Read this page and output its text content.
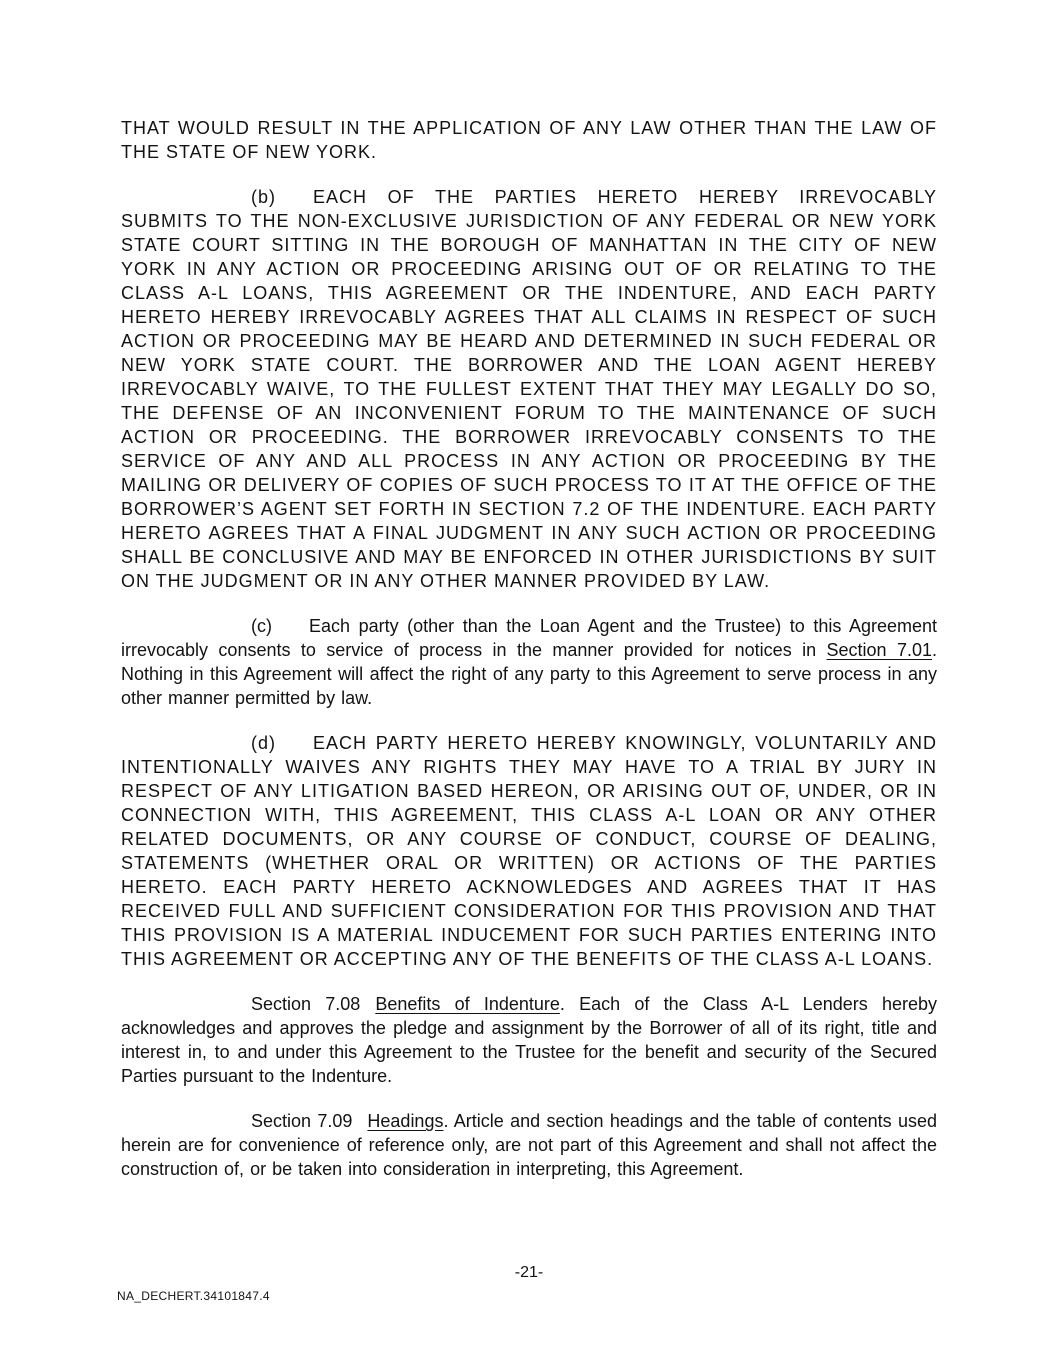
THAT WOULD RESULT IN THE APPLICATION OF ANY LAW OTHER THAN THE LAW OF THE STATE OF NEW YORK.

(b) EACH OF THE PARTIES HERETO HEREBY IRREVOCABLY SUBMITS TO THE NON-EXCLUSIVE JURISDICTION OF ANY FEDERAL OR NEW YORK STATE COURT SITTING IN THE BOROUGH OF MANHATTAN IN THE CITY OF NEW YORK IN ANY ACTION OR PROCEEDING ARISING OUT OF OR RELATING TO THE CLASS A-L LOANS, THIS AGREEMENT OR THE INDENTURE, AND EACH PARTY HERETO HEREBY IRREVOCABLY AGREES THAT ALL CLAIMS IN RESPECT OF SUCH ACTION OR PROCEEDING MAY BE HEARD AND DETERMINED IN SUCH FEDERAL OR NEW YORK STATE COURT. THE BORROWER AND THE LOAN AGENT HEREBY IRREVOCABLY WAIVE, TO THE FULLEST EXTENT THAT THEY MAY LEGALLY DO SO, THE DEFENSE OF AN INCONVENIENT FORUM TO THE MAINTENANCE OF SUCH ACTION OR PROCEEDING. THE BORROWER IRREVOCABLY CONSENTS TO THE SERVICE OF ANY AND ALL PROCESS IN ANY ACTION OR PROCEEDING BY THE MAILING OR DELIVERY OF COPIES OF SUCH PROCESS TO IT AT THE OFFICE OF THE BORROWER’S AGENT SET FORTH IN SECTION 7.2 OF THE INDENTURE. EACH PARTY HERETO AGREES THAT A FINAL JUDGMENT IN ANY SUCH ACTION OR PROCEEDING SHALL BE CONCLUSIVE AND MAY BE ENFORCED IN OTHER JURISDICTIONS BY SUIT ON THE JUDGMENT OR IN ANY OTHER MANNER PROVIDED BY LAW.

(c) Each party (other than the Loan Agent and the Trustee) to this Agreement irrevocably consents to service of process in the manner provided for notices in Section 7.01. Nothing in this Agreement will affect the right of any party to this Agreement to serve process in any other manner permitted by law.

(d) EACH PARTY HERETO HEREBY KNOWINGLY, VOLUNTARILY AND INTENTIONALLY WAIVES ANY RIGHTS THEY MAY HAVE TO A TRIAL BY JURY IN RESPECT OF ANY LITIGATION BASED HEREON, OR ARISING OUT OF, UNDER, OR IN CONNECTION WITH, THIS AGREEMENT, THIS CLASS A-L LOAN OR ANY OTHER RELATED DOCUMENTS, OR ANY COURSE OF CONDUCT, COURSE OF DEALING, STATEMENTS (WHETHER ORAL OR WRITTEN) OR ACTIONS OF THE PARTIES HERETO. EACH PARTY HERETO ACKNOWLEDGES AND AGREES THAT IT HAS RECEIVED FULL AND SUFFICIENT CONSIDERATION FOR THIS PROVISION AND THAT THIS PROVISION IS A MATERIAL INDUCEMENT FOR SUCH PARTIES ENTERING INTO THIS AGREEMENT OR ACCEPTING ANY OF THE BENEFITS OF THE CLASS A-L LOANS.

Section 7.08 Benefits of Indenture. Each of the Class A-L Lenders hereby acknowledges and approves the pledge and assignment by the Borrower of all of its right, title and interest in, to and under this Agreement to the Trustee for the benefit and security of the Secured Parties pursuant to the Indenture.

Section 7.09 Headings. Article and section headings and the table of contents used herein are for convenience of reference only, are not part of this Agreement and shall not affect the construction of, or be taken into consideration in interpreting, this Agreement.

-21-
NA_DECHERT.34101847.4
